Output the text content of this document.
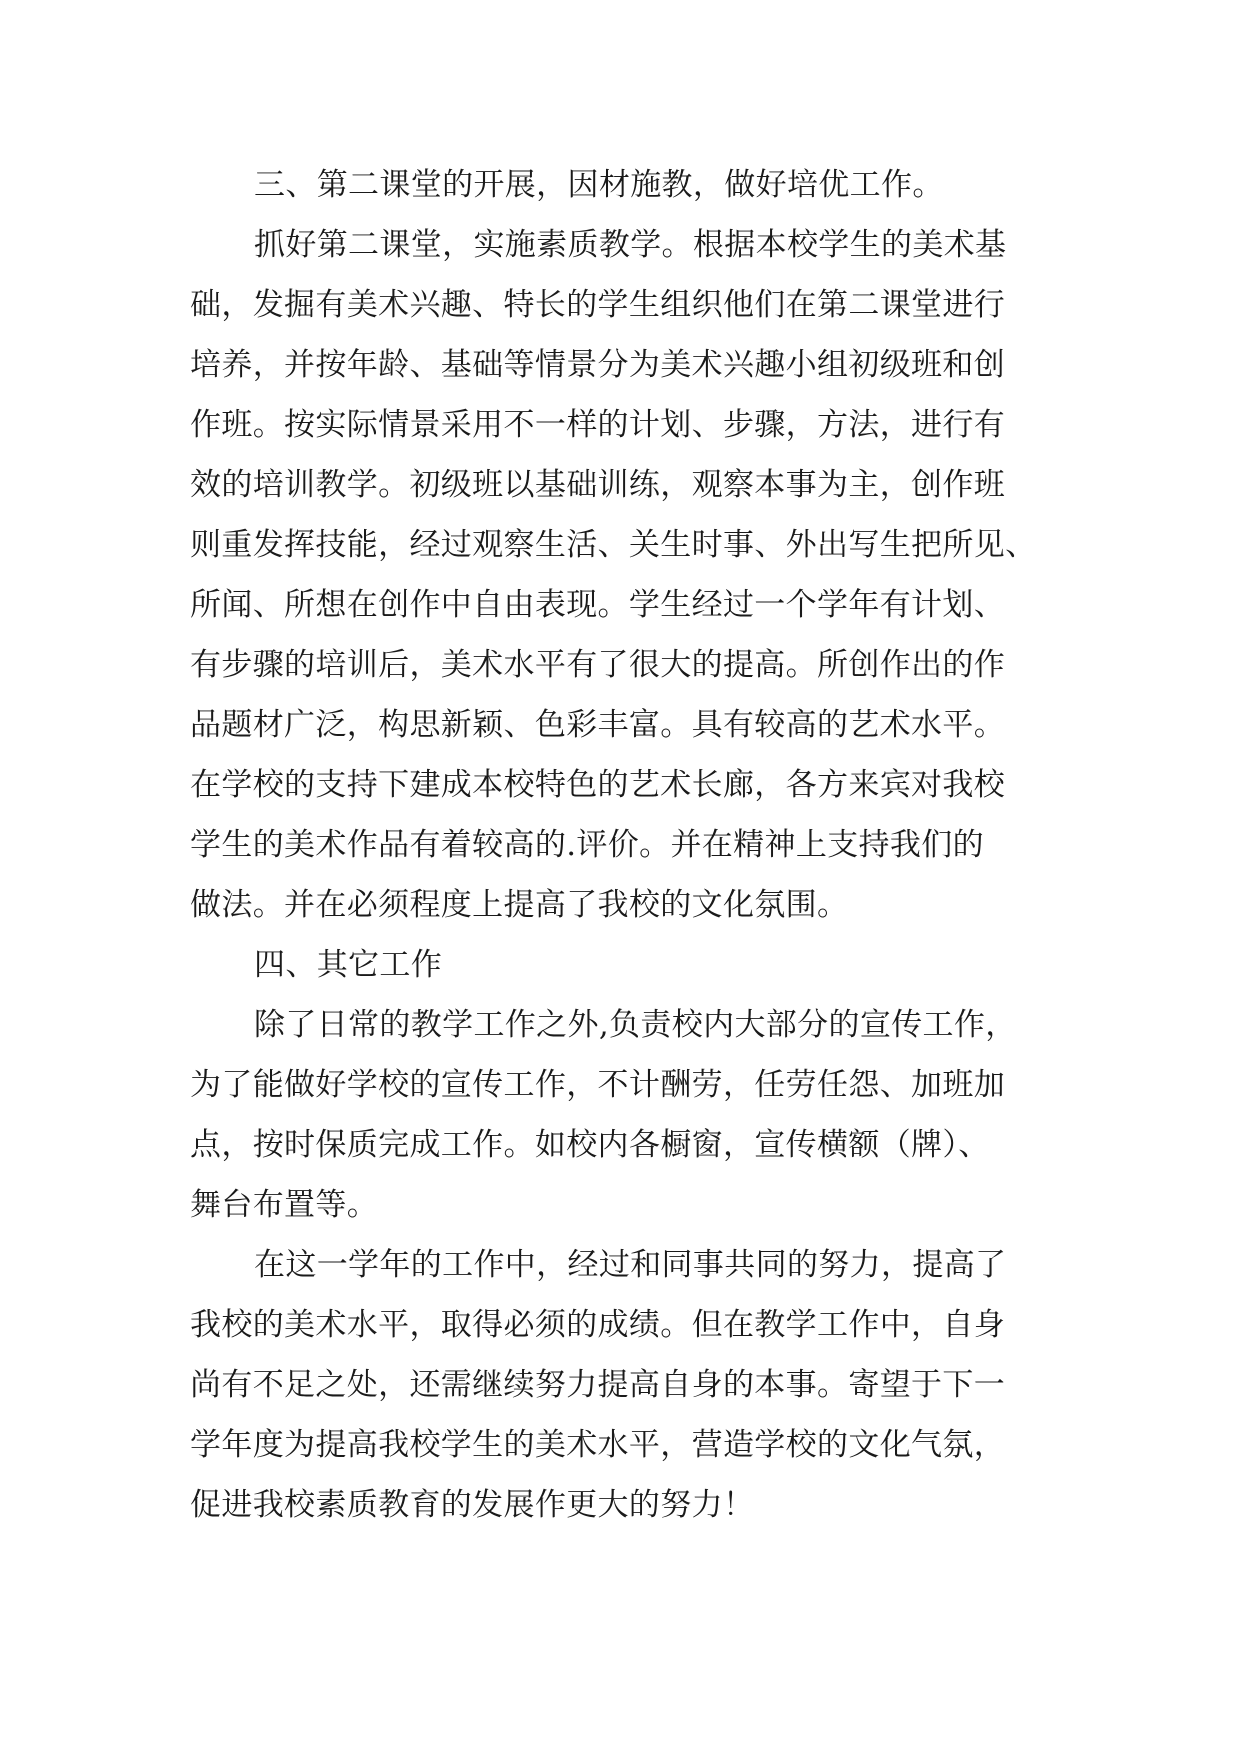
三、第二课堂的开展，因材施教，做好培优工作。
抓好第二课堂，实施素质教学。根据本校学生的美术基
础，发掘有美术兴趣、特长的学生组织他们在第二课堂进行
培养，并按年龄、基础等情景分为美术兴趣小组初级班和创
作班。按实际情景采用不一样的计划、步骤，方法，进行有
效的培训教学。初级班以基础训练，观察本事为主，创作班
则重发挥技能，经过观察生活、关生时事、外出写生把所见、
所闻、所想在创作中自由表现。学生经过一个学年有计划、
有步骤的培训后，美术水平有了很大的提高。所创作出的作
品题材广泛，构思新颖、色彩丰富。具有较高的艺术水平。
在学校的支持下建成本校特色的艺术长廊，各方来宾对我校
学生的美术作品有着较高的.评价。并在精神上支持我们的
做法。并在必须程度上提高了我校的文化氛围。
四、其它工作
除了日常的教学工作之外,负责校内大部分的宣传工作，
为了能做好学校的宣传工作，不计酬劳，任劳任怨、加班加
点，按时保质完成工作。如校内各橱窗，宣传横额（牌）、
舞台布置等。
在这一学年的工作中，经过和同事共同的努力，提高了
我校的美术水平，取得必须的成绩。但在教学工作中，自身
尚有不足之处，还需继续努力提高自身的本事。寄望于下一
学年度为提高我校学生的美术水平，营造学校的文化气氛，
促进我校素质教育的发展作更大的努力！
